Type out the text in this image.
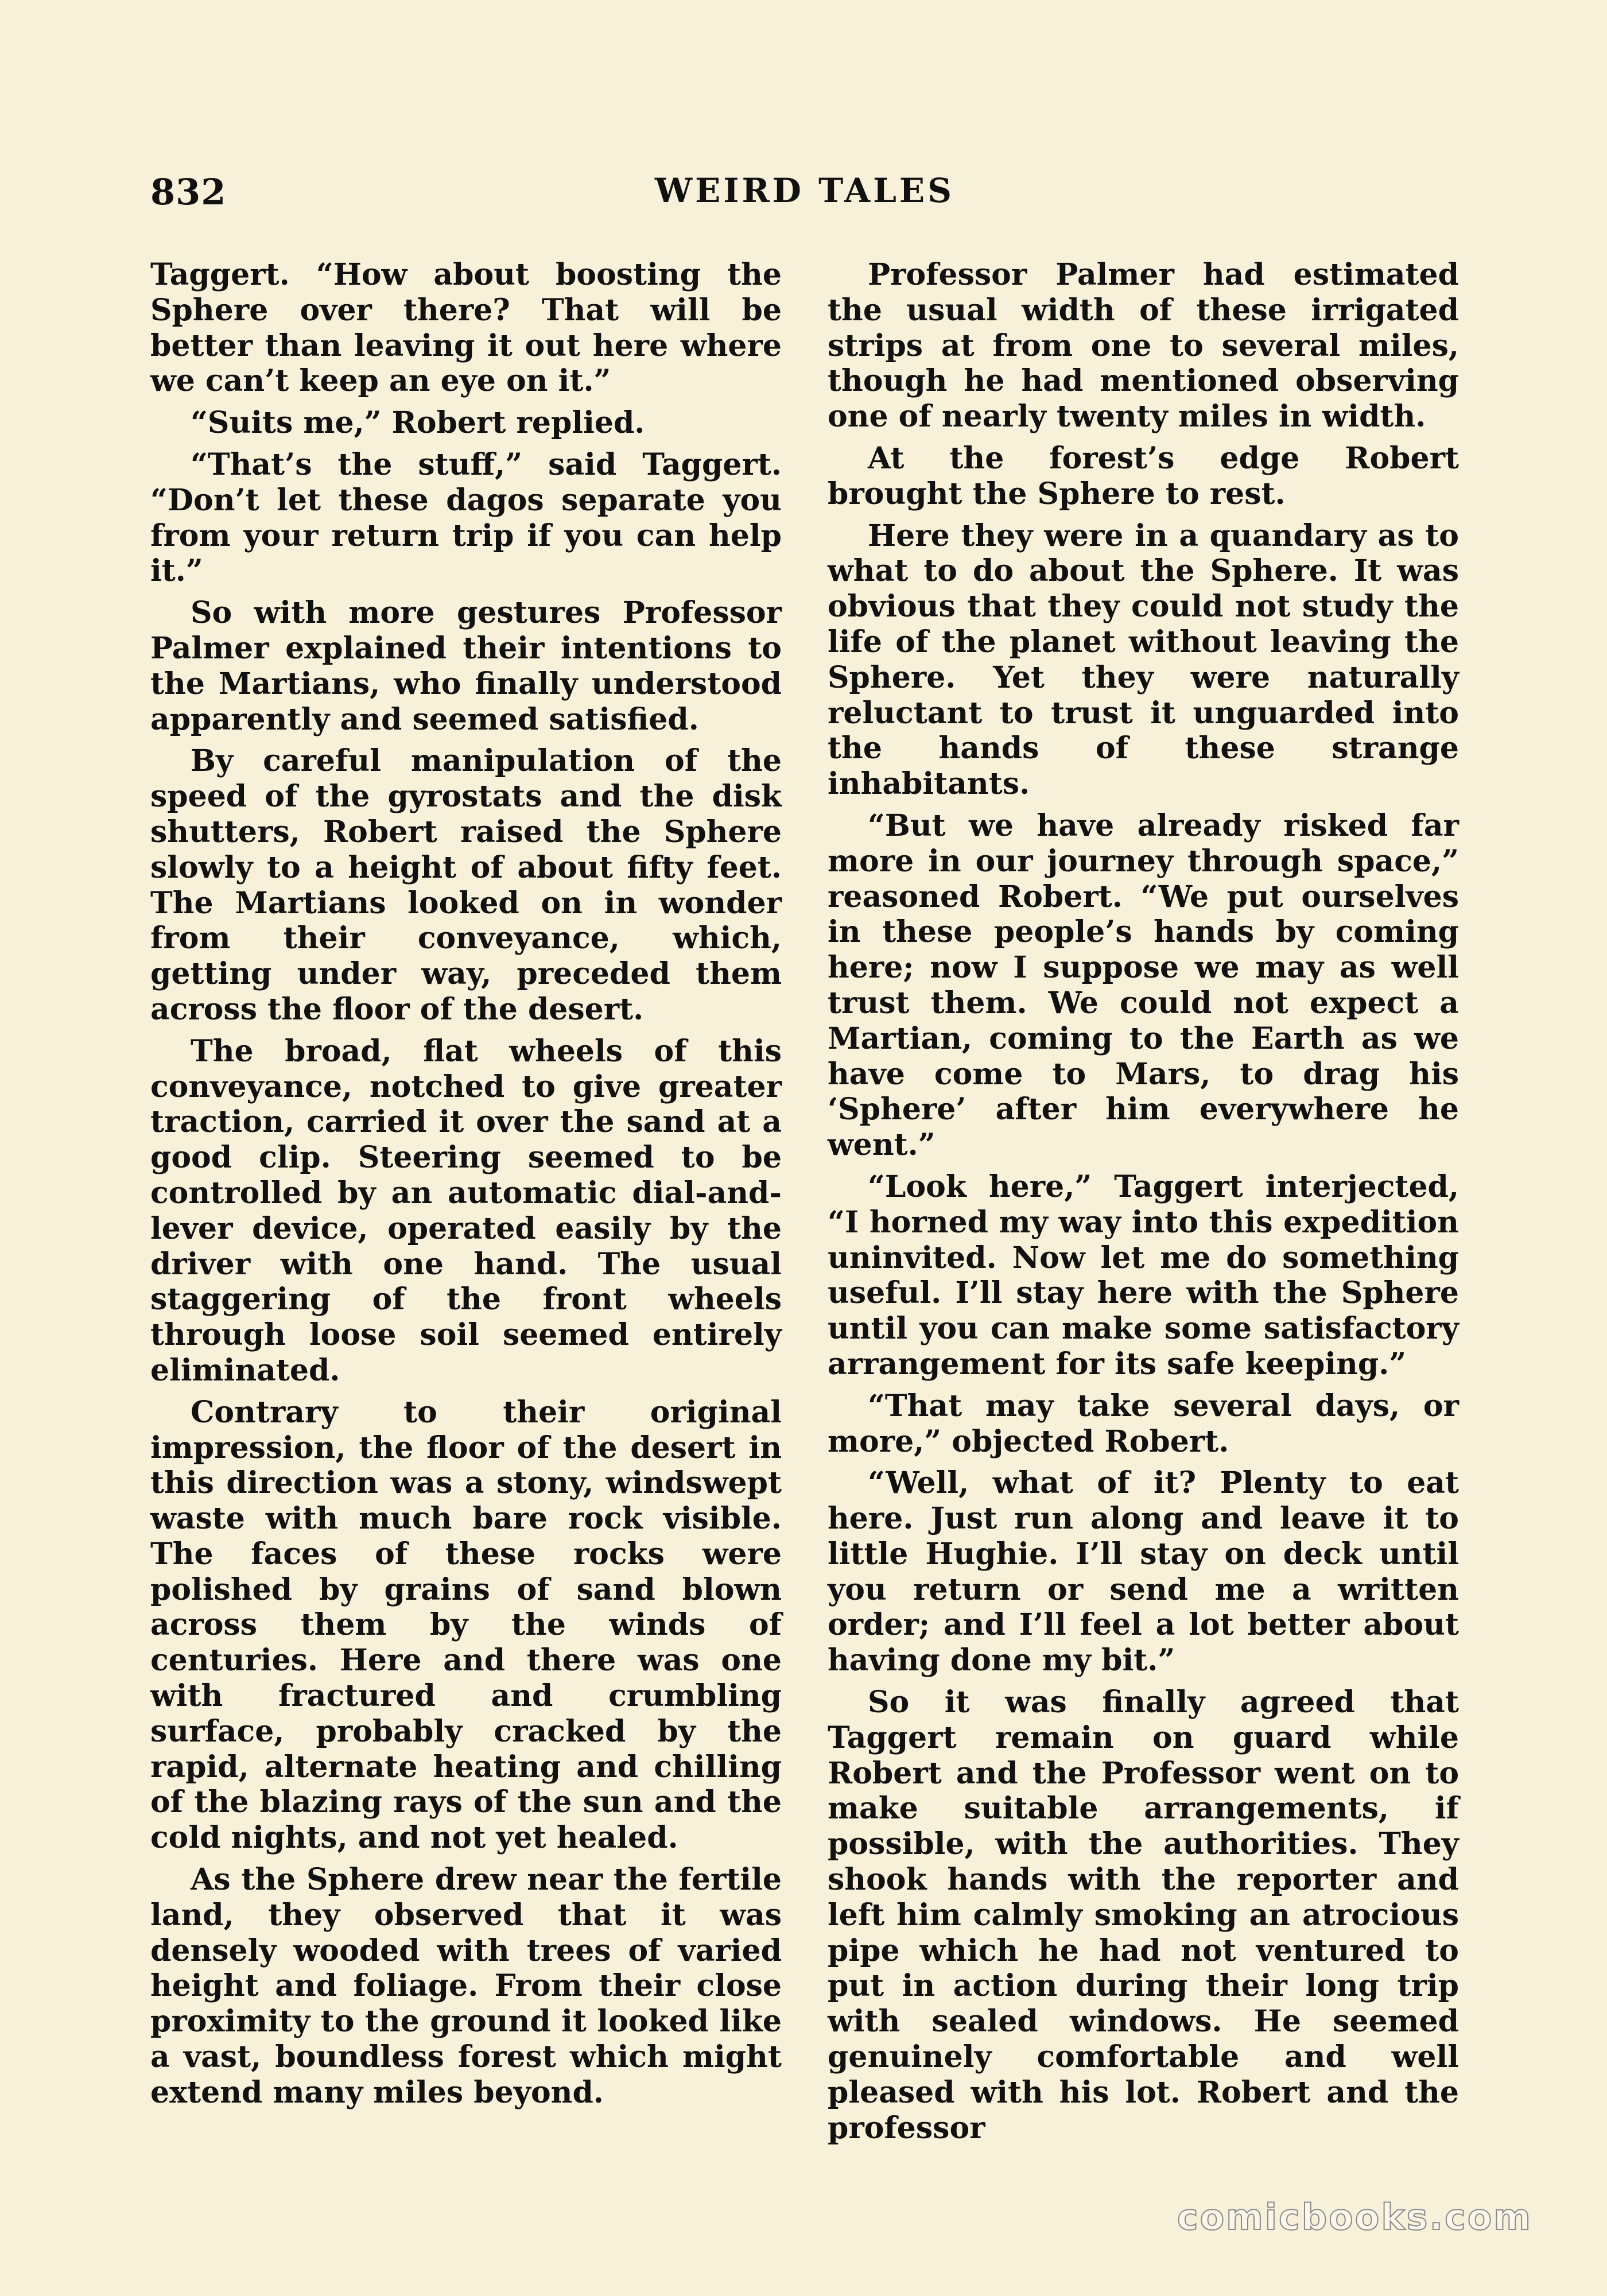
832	WEIRD TALES

Taggert. “How about boosting the Sphere over there? That will be better than leaving it out here where we can’t keep an eye on it.”

“Suits me,” Robert replied.

“That’s the stuff,” said Taggert. “Don’t let these dagos separate you from your return trip if you can help it.”

So with more gestures Professor Palmer explained their intentions to the Martians, who finally understood apparently and seemed satisfied.

By careful manipulation of the speed of the gyrostats and the disk shutters, Robert raised the Sphere slowly to a height of about fifty feet. The Martians looked on in wonder from their conveyance, which, getting under way, preceded them across the floor of the desert.

The broad, flat wheels of this conveyance, notched to give greater traction, carried it over the sand at a good clip. Steering seemed to be controlled by an automatic dial-and-lever device, operated easily by the driver with one hand. The usual staggering of the front wheels through loose soil seemed entirely eliminated.

Contrary to their original impression, the floor of the desert in this direction was a stony, windswept waste with much bare rock visible. The faces of these rocks were polished by grains of sand blown across them by the winds of centuries. Here and there was one with fractured and crumbling surface, probably cracked by the rapid, alternate heating and chilling of the blazing rays of the sun and the cold nights, and not yet healed.

As the Sphere drew near the fertile land, they observed that it was densely wooded with trees of varied height and foliage. From their close proximity to the ground it looked like a vast, boundless forest which might extend many miles beyond.

Professor Palmer had estimated the usual width of these irrigated strips at from one to several miles, though he had mentioned observing one of nearly twenty miles in width.

At the forest’s edge Robert brought the Sphere to rest.

Here they were in a quandary as to what to do about the Sphere. It was obvious that they could not study the life of the planet without leaving the Sphere. Yet they were naturally reluctant to trust it unguarded into the hands of these strange inhabitants.

“But we have already risked far more in our journey through space,” reasoned Robert. “We put ourselves in these people’s hands by coming here; now I suppose we may as well trust them. We could not expect a Martian, coming to the Earth as we have come to Mars, to drag his ‘Sphere’ after him everywhere he went.”

“Look here,” Taggert interjected, “I horned my way into this expedition uninvited. Now let me do something useful. I’ll stay here with the Sphere until you can make some satisfactory arrangement for its safe keeping.”

“That may take several days, or more,” objected Robert.

“Well, what of it? Plenty to eat here. Just run along and leave it to little Hughie. I’ll stay on deck until you return or send me a written order; and I’ll feel a lot better about having done my bit.”

So it was finally agreed that Taggert remain on guard while Robert and the Professor went on to make suitable arrangements, if possible, with the authorities. They shook hands with the reporter and left him calmly smoking an atrocious pipe which he had not ventured to put in action during their long trip with sealed windows. He seemed genuinely comfortable and well pleased with his lot. Robert and the professor

comicbooks.com
